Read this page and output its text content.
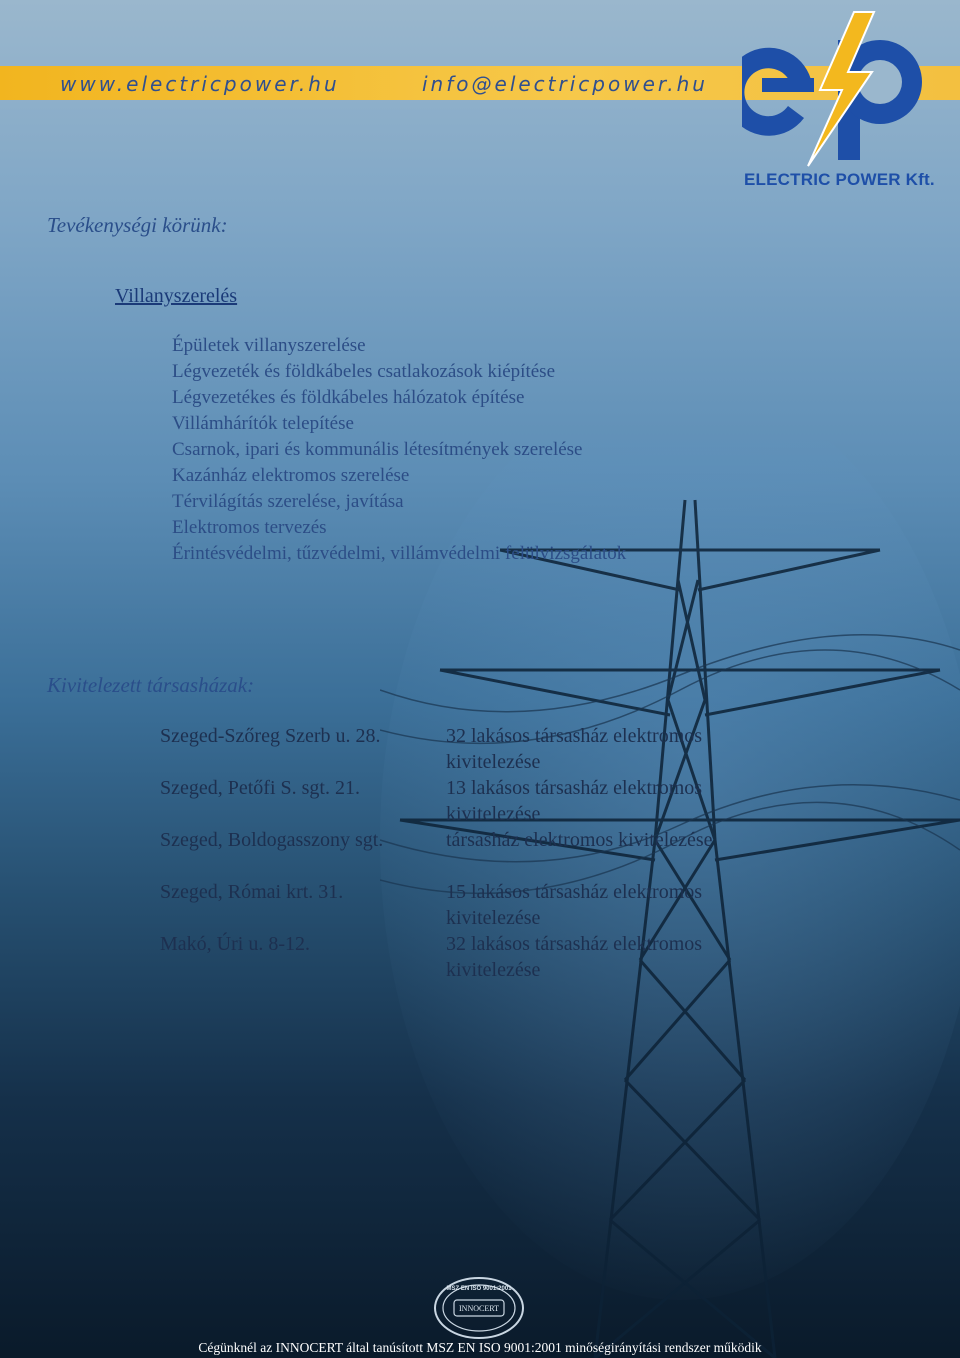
www.electricpower.hu	info@electricpower.hu
ELECTRIC POWER Kft.
Tevékenységi körünk:
Villanyszerelés
Épületek villanyszerelése
Légvezeték és földkábeles csatlakozások kiépítése
Légvezetékes és földkábeles hálózatok építése
Villámhárítók telepítése
Csarnok, ipari és kommunális létesítmények szerelése
Kazánház elektromos szerelése
Térvilágítás szerelése, javítása
Elektromos tervezés
Érintésvédelmi, tűzvédelmi, villámvédelmi felülvizsgálatok
Kivitelezett társasházak:
Szeged-Szőreg Szerb u. 28.	32 lakásos társasház elektromos kivitelezése
Szeged, Petőfi S. sgt. 21.	13 lakásos társasház elektromos kivitelezése
Szeged, Boldogasszony sgt.	társasház elektromos kivitelezése
Szeged, Római krt. 31.	15 lakásos társasház elektromos kivitelezése
Makó, Úri u. 8-12.	32 lakásos társasház elektromos kivitelezése
INNOCERT
MSZ EN ISO 9001:2001
Cégünknél az INNOCERT által tanúsított MSZ EN ISO 9001:2001 minőségirányítási rendszer működik
